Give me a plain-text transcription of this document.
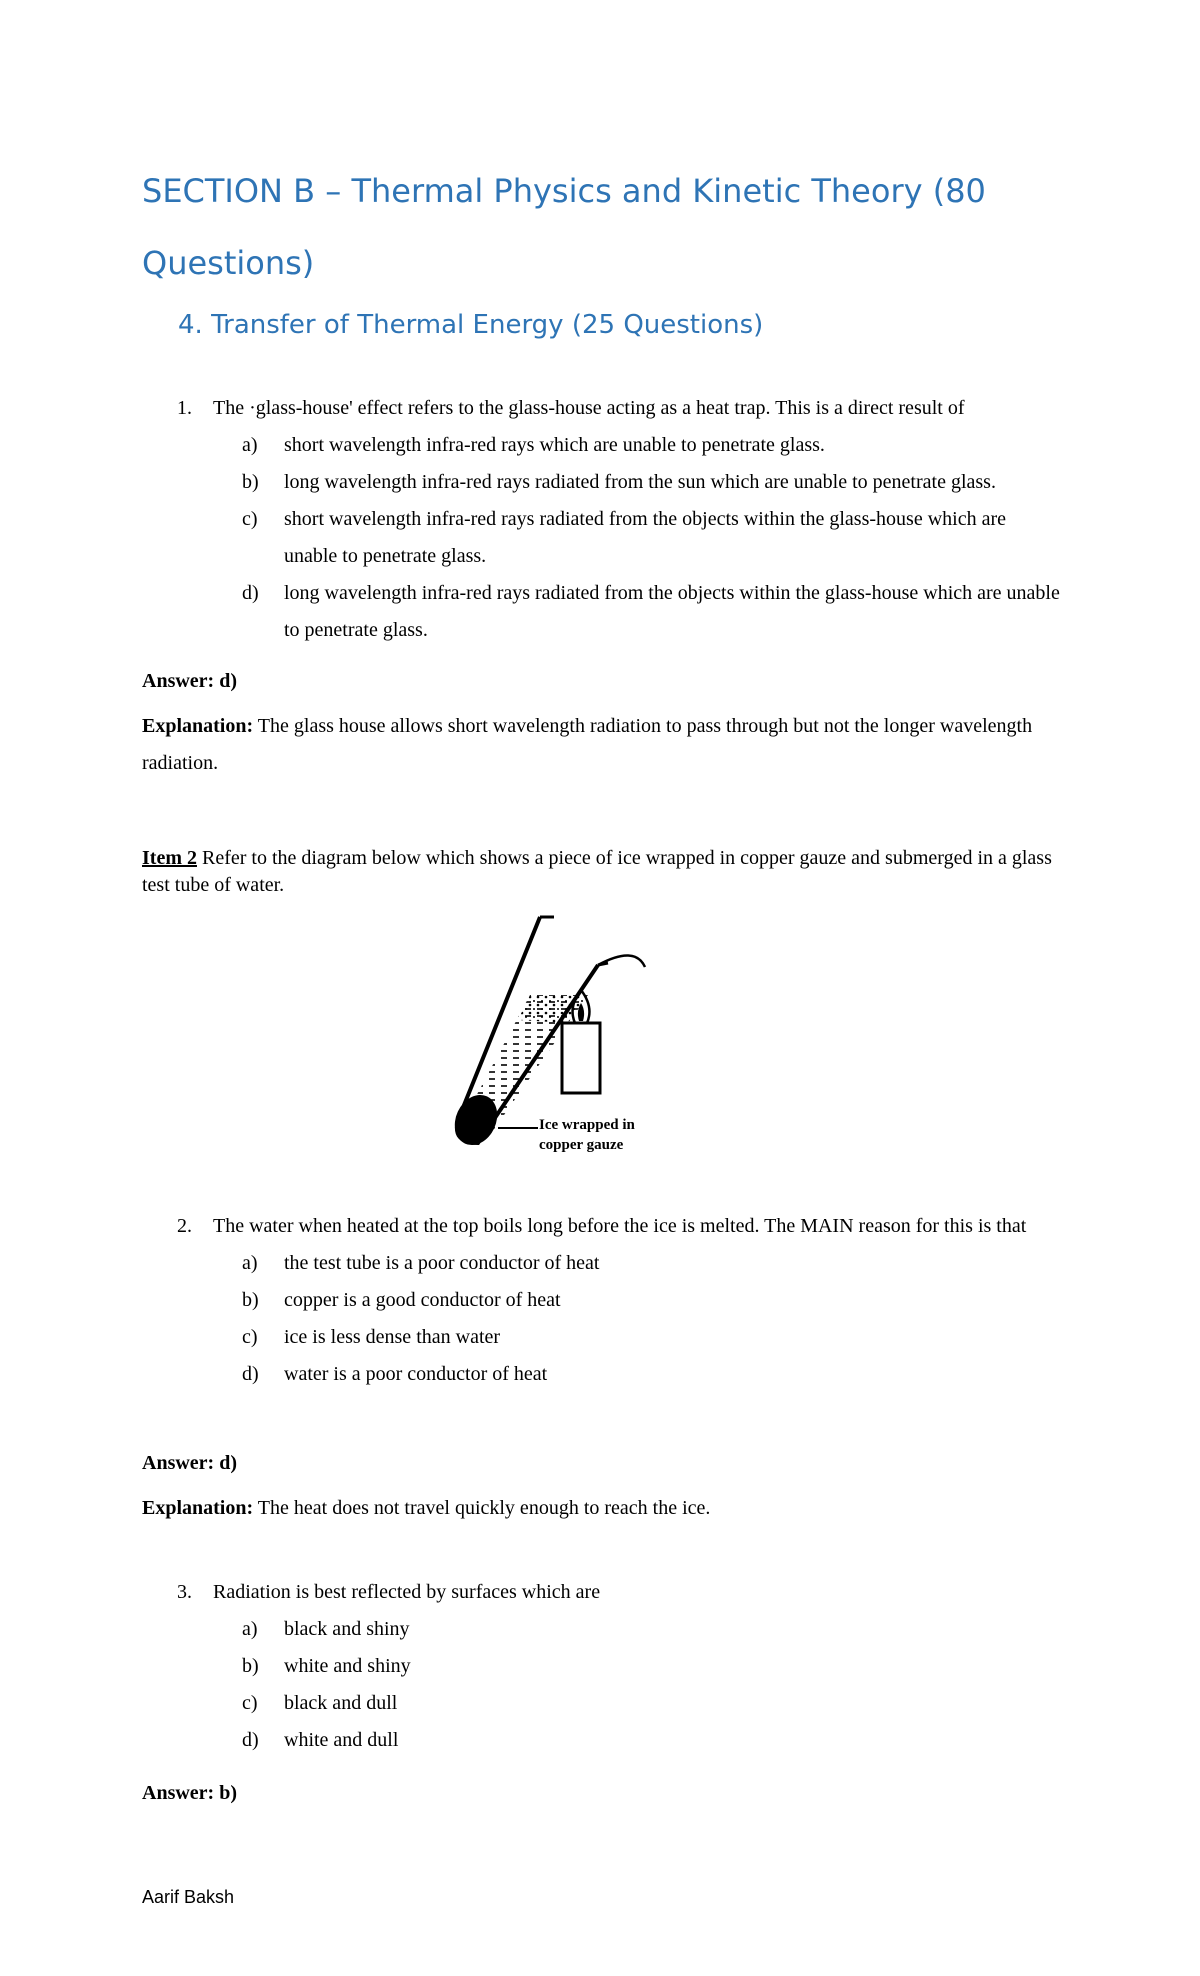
SECTION B – Thermal Physics and Kinetic Theory (80 Questions)
4. Transfer of Thermal Energy (25 Questions)
1.	The ·glass-house' effect refers to the glass-house acting as a heat trap. This is a direct result of
a) short wavelength infra-red rays which are unable to penetrate glass.
b) long wavelength infra-red rays radiated from the sun which are unable to penetrate glass.
c) short wavelength infra-red rays radiated from the objects within the glass-house which are unable to penetrate glass.
d) long wavelength infra-red rays radiated from the objects within the glass-house which are unable to penetrate glass.
Answer: d)
Explanation: The glass house allows short wavelength radiation to pass through but not the longer wavelength radiation.
Item 2 Refer to the diagram below which shows a piece of ice wrapped in copper gauze and submerged in a glass test tube of water.
Ice wrapped in
copper gauze
2.	The water when heated at the top boils long before the ice is melted. The MAIN reason for this is that
a) the test tube is a poor conductor of heat
b) copper is a good conductor of heat
c) ice is less dense than water
d) water is a poor conductor of heat
Answer: d)
Explanation: The heat does not travel quickly enough to reach the ice.
3.	Radiation is best reflected by surfaces which are
a) black and shiny
b) white and shiny
c) black and dull
d) white and dull
Answer: b)
Aarif Baksh
